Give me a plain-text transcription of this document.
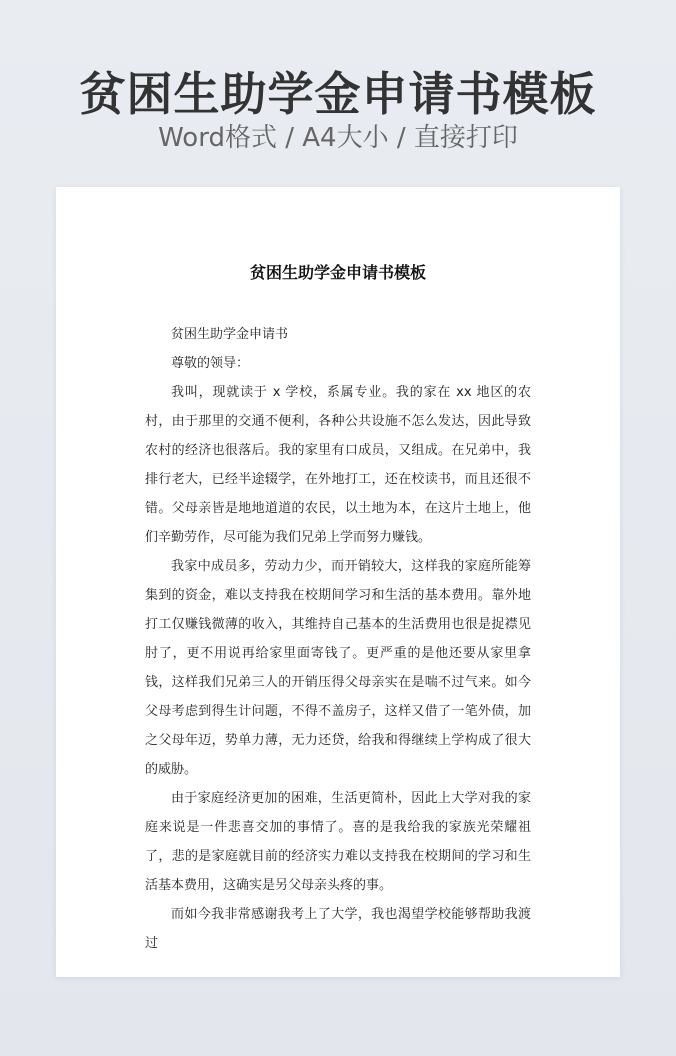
贫困生助学金申请书模板
Word格式 / A4大小 / 直接打印
贫困生助学金申请书模板

贫困生助学金申请书

尊敬的领导：

我叫，现就读于 x 学校，系属专业。我的家在 xx 地区的农村，由于那里的交通不便利，各种公共设施不怎么发达，因此导致农村的经济也很落后。我的家里有口成员，又组成。在兄弟中，我排行老大，已经半途辍学，在外地打工，还在校读书，而且还很不错。父母亲皆是地地道道的农民，以土地为本，在这片土地上，他们辛勤劳作，尽可能为我们兄弟上学而努力赚钱。

我家中成员多，劳动力少，而开销较大，这样我的家庭所能筹集到的资金，难以支持我在校期间学习和生活的基本费用。靠外地打工仅赚钱微薄的收入，其维持自己基本的生活费用也很是捉襟见肘了，更不用说再给家里面寄钱了。更严重的是他还要从家里拿钱，这样我们兄弟三人的开销压得父母亲实在是喘不过气来。如今父母考虑到得生计问题，不得不盖房子，这样又借了一笔外债，加之父母年迈，势单力薄，无力还贷，给我和得继续上学构成了很大的威胁。

由于家庭经济更加的困难，生活更简朴，因此上大学对我的家庭来说是一件悲喜交加的事情了。喜的是我给我的家族光荣耀祖了，悲的是家庭就目前的经济实力难以支持我在校期间的学习和生活基本费用，这确实是另父母亲头疼的事。

而如今我非常感谢我考上了大学，我也渴望学校能够帮助我渡过
